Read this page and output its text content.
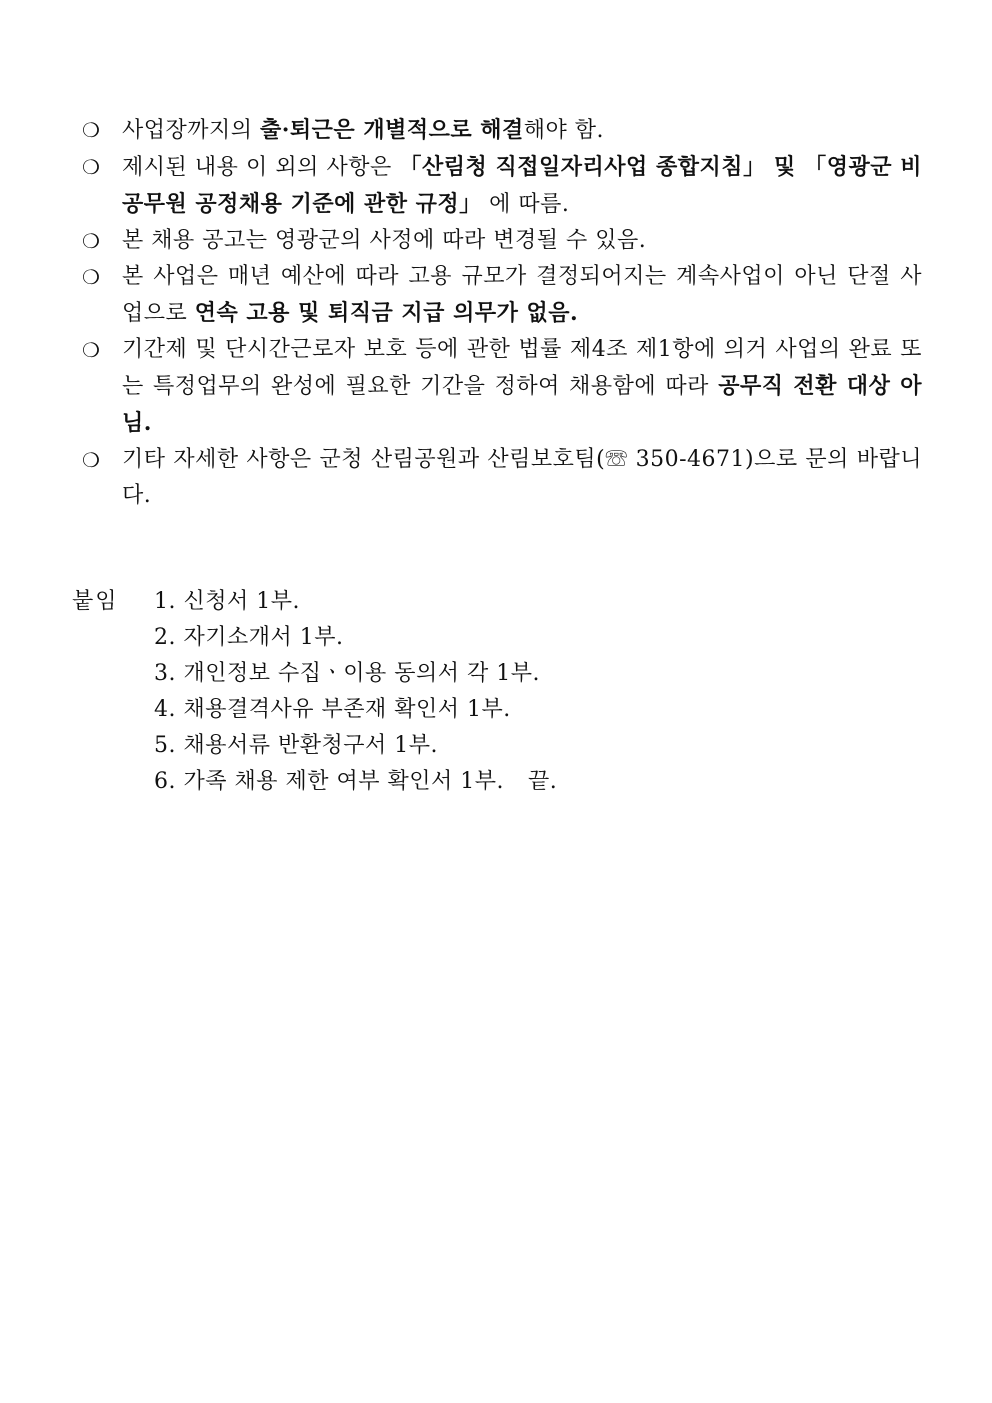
❍	사업장까지의 출·퇴근은 개별적으로 해결해야 함.
❍	제시된 내용 이 외의 사항은 「산림청 직접일자리사업 종합지침」 및 「영광군 비공무원 공정채용 기준에 관한 규정」 에 따름.
❍	본 채용 공고는 영광군의 사정에 따라 변경될 수 있음.
❍	본 사업은 매년 예산에 따라 고용 규모가 결정되어지는 계속사업이 아닌 단절 사업으로 연속 고용 및 퇴직금 지급 의무가 없음.
❍	기간제 및 단시간근로자 보호 등에 관한 법률 제4조 제1항에 의거 사업의 완료 또는 특정업무의 완성에 필요한 기간을 정하여 채용함에 따라 공무직 전환 대상 아님.
❍	기타 자세한 사항은 군청 산림공원과 산림보호팀(☏ 350-4671)으로 문의 바랍니다.
붙임 1. 신청서 1부.
2. 자기소개서 1부.
3. 개인정보 수집ㆍ이용 동의서 각 1부.
4. 채용결격사유 부존재 확인서 1부.
5. 채용서류 반환청구서 1부.
6. 가족 채용 제한 여부 확인서 1부. 끝.
